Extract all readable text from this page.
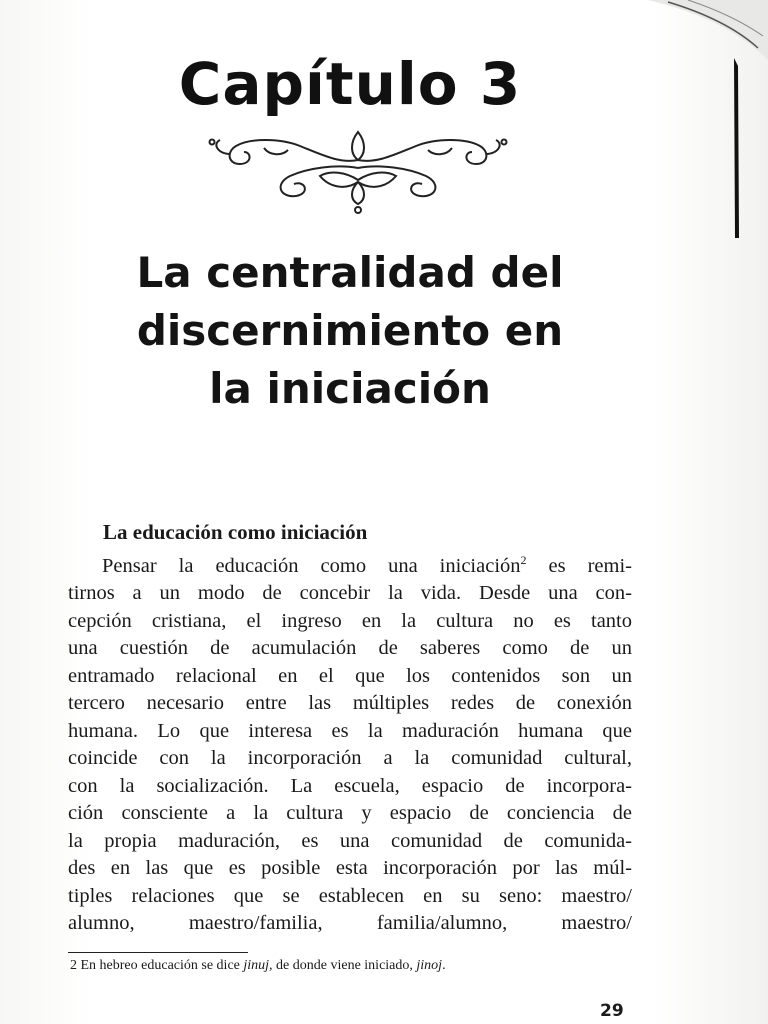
Capítulo 3
La centralidad del
discernimiento en
la iniciación
La educación como iniciación
Pensar la educación como una iniciación$^2$ es remi-
tirnos a un modo de concebir la vida. Desde una con-
cepción cristiana, el ingreso en la cultura no es tanto
una cuestión de acumulación de saberes como de un
entramado relacional en el que los contenidos son un
tercero necesario entre las múltiples redes de conexión
humana. Lo que interesa es la maduración humana que
coincide con la incorporación a la comunidad cultural,
con la socialización. La escuela, espacio de incorpora-
ción consciente a la cultura y espacio de conciencia de
la propia maduración, es una comunidad de comunida-
des en las que es posible esta incorporación por las múl-
tiples relaciones que se establecen en su seno: maestro/
alumno, maestro/familia, familia/alumno, maestro/
2 En hebreo educación se dice jinuj, de donde viene iniciado, jinoj.
29
